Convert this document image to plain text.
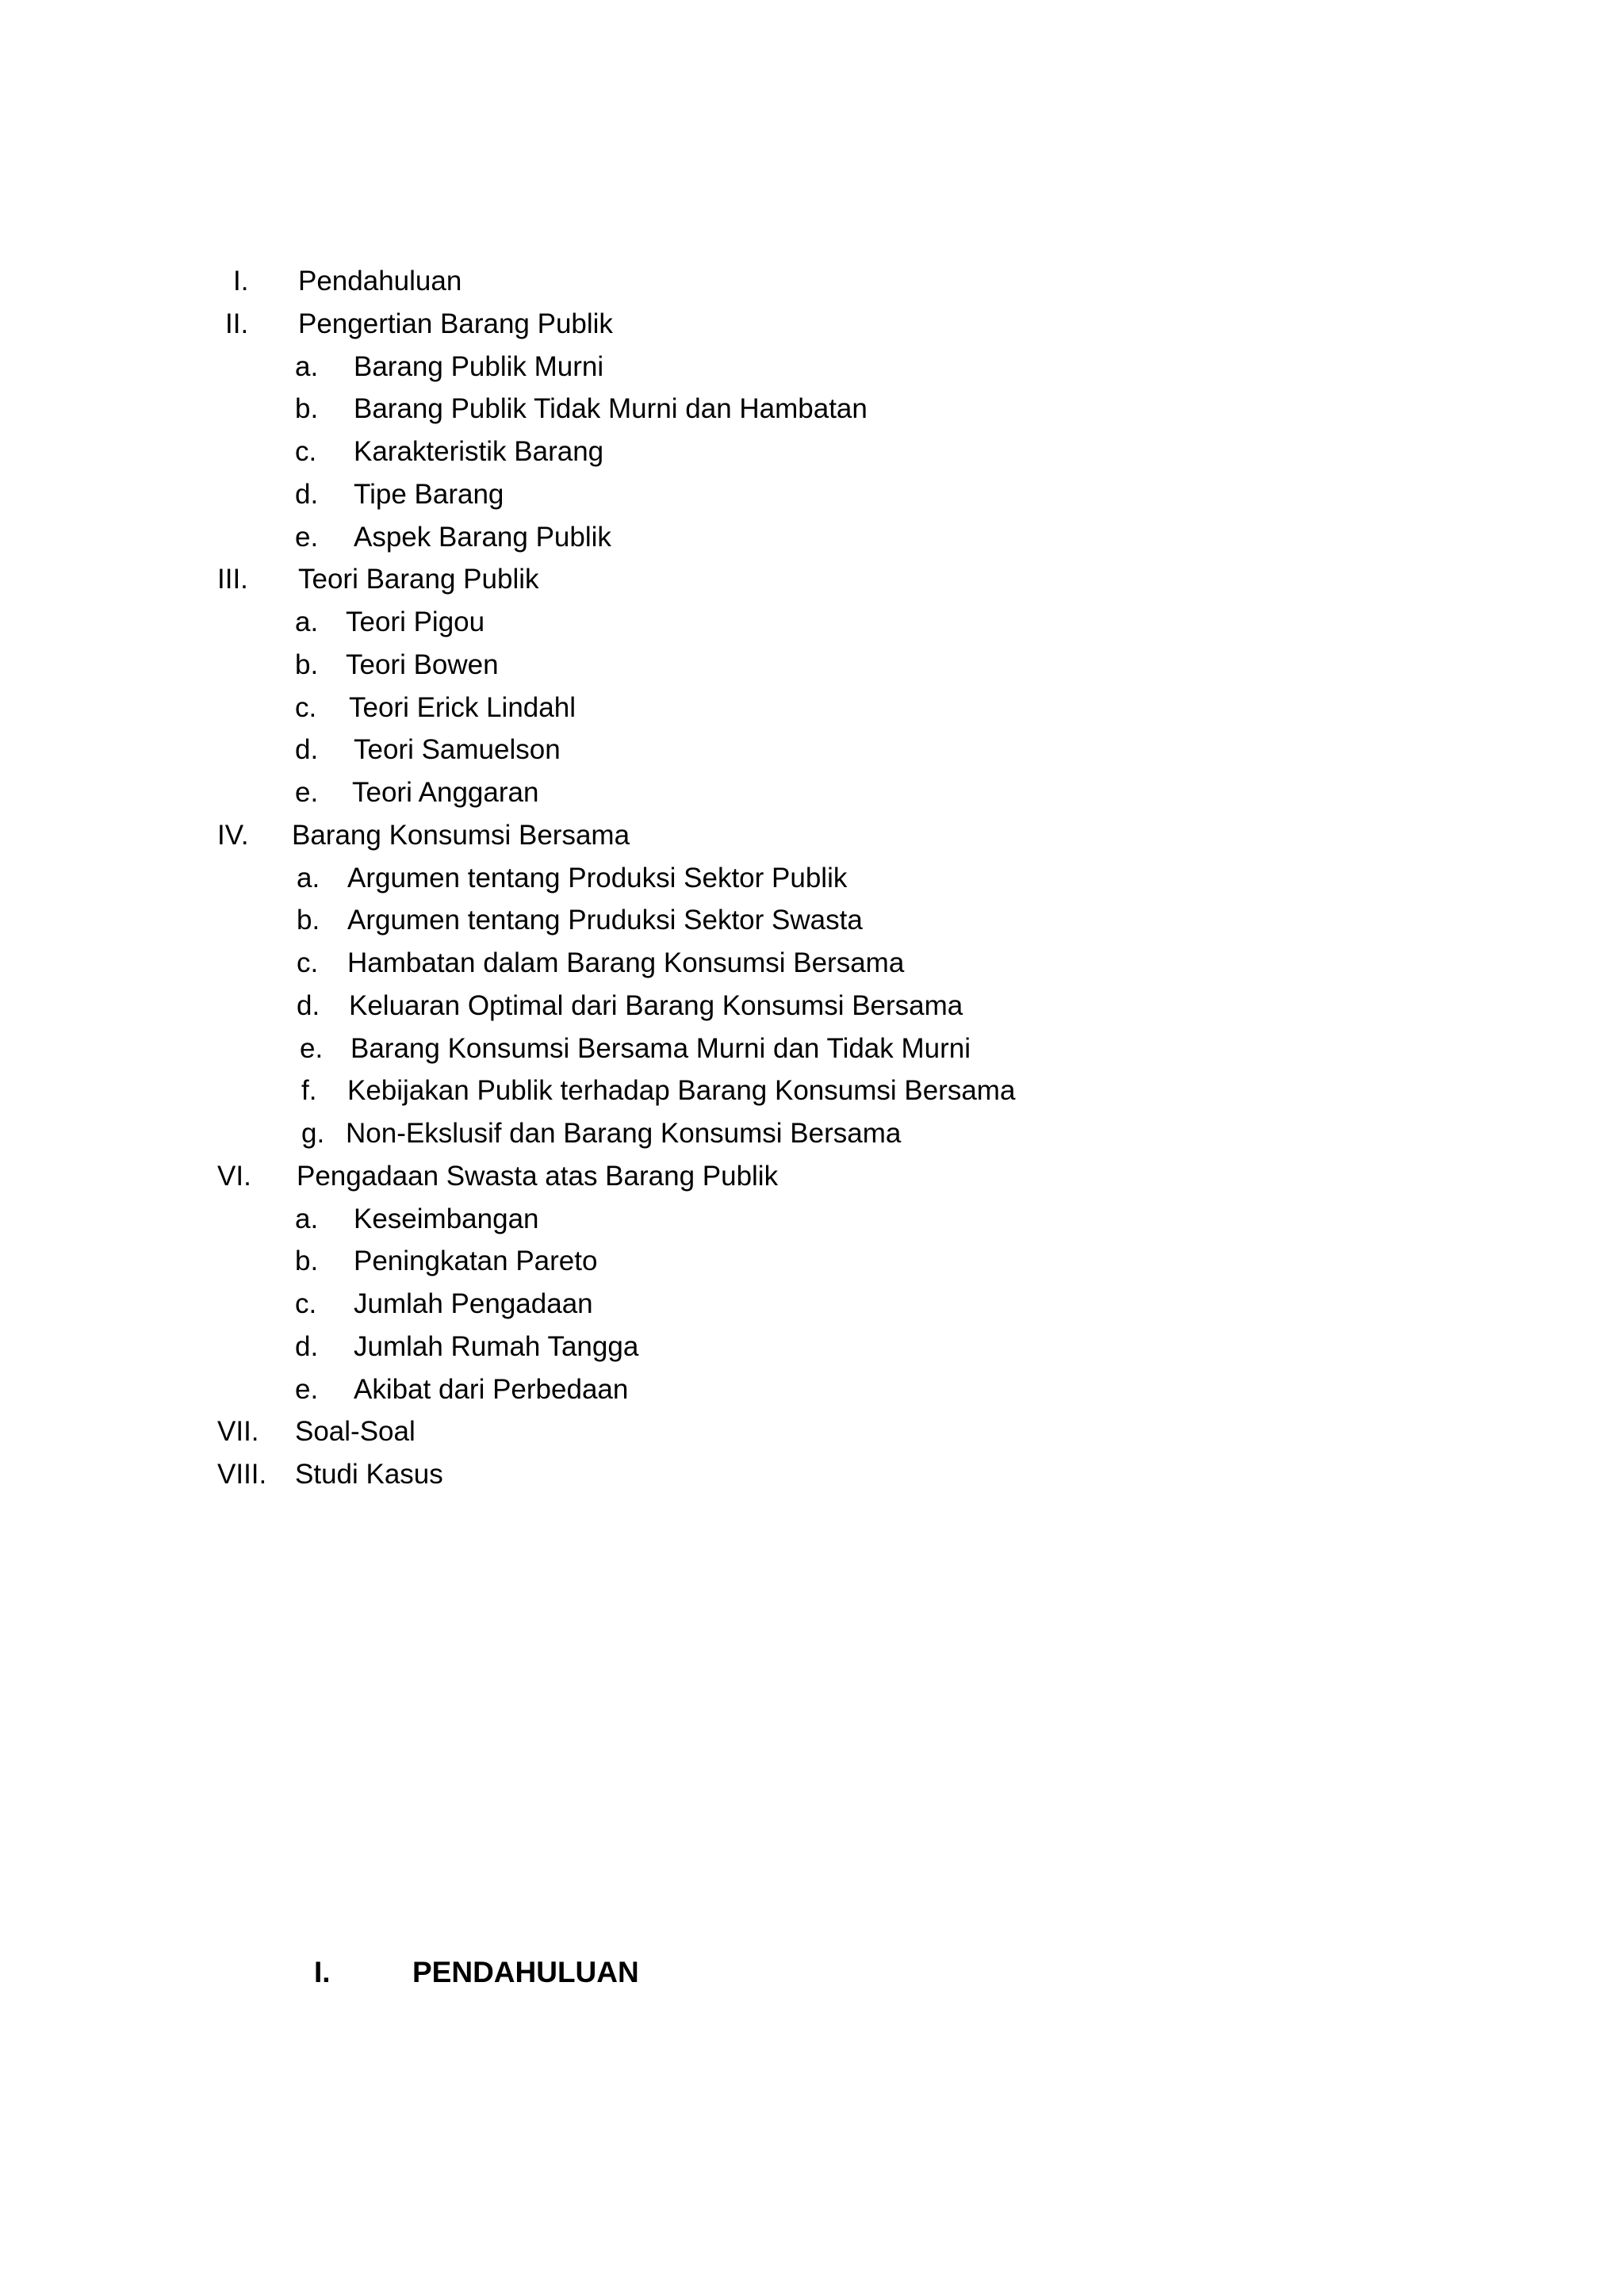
I. Pendahuluan
II. Pengertian Barang Publik
a. Barang Publik Murni
b. Barang Publik Tidak Murni dan Hambatan
c. Karakteristik Barang
d. Tipe Barang
e. Aspek Barang Publik
III. Teori Barang Publik
a. Teori Pigou
b. Teori Bowen
c. Teori Erick Lindahl
d. Teori Samuelson
e. Teori Anggaran
IV. Barang Konsumsi Bersama
a. Argumen tentang Produksi Sektor Publik
b. Argumen tentang Pruduksi Sektor Swasta
c. Hambatan dalam Barang Konsumsi Bersama
d. Keluaran Optimal dari Barang Konsumsi Bersama
e. Barang Konsumsi Bersama Murni dan Tidak Murni
f. Kebijakan Publik terhadap Barang Konsumsi Bersama
g. Non-Ekslusif dan Barang Konsumsi Bersama
VI. Pengadaan Swasta atas Barang Publik
a. Keseimbangan
b. Peningkatan Pareto
c. Jumlah Pengadaan
d. Jumlah Rumah Tangga
e. Akibat dari Perbedaan
VII. Soal-Soal
VIII. Studi Kasus
I.	PENDAHULUAN
